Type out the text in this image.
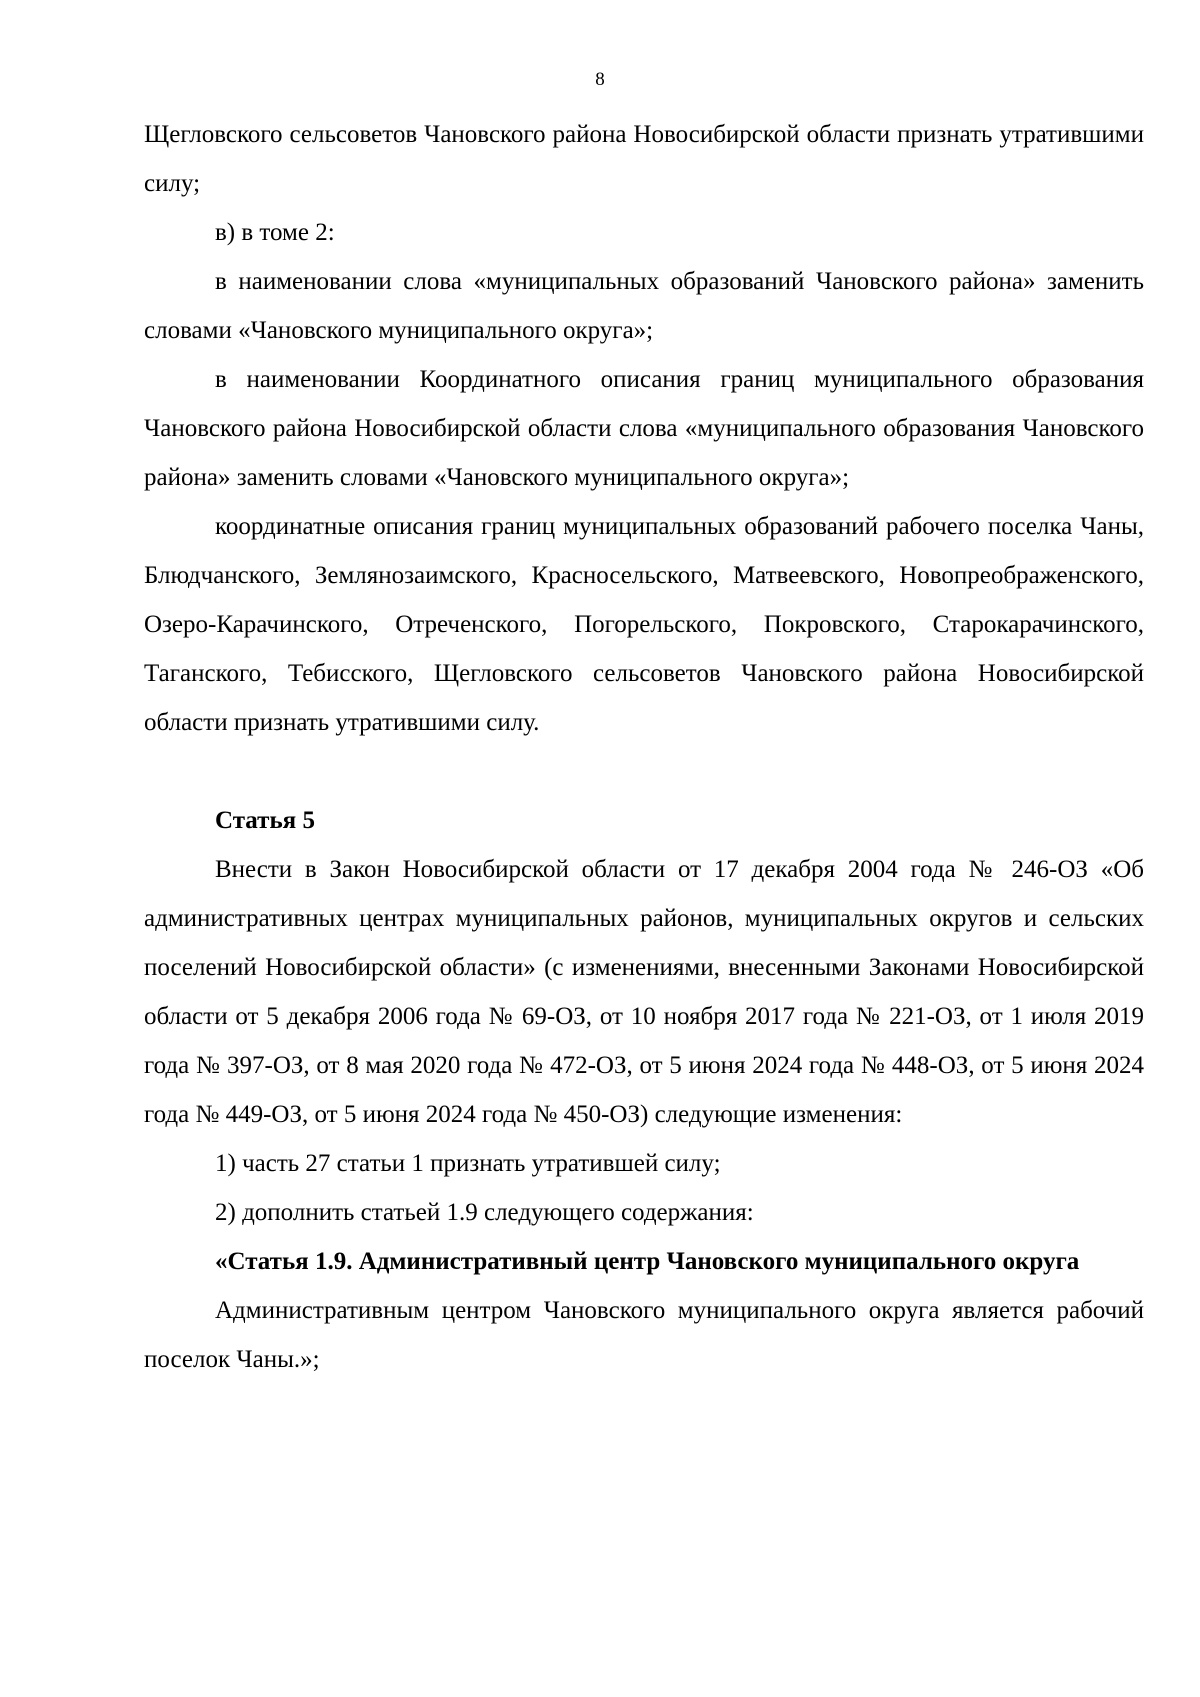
8

Щегловского сельсоветов Чановского района Новосибирской области признать утратившими силу;

в) в томе 2:

в наименовании слова «муниципальных образований Чановского района» заменить словами «Чановского муниципального округа»;

в наименовании Координатного описания границ муниципального образования Чановского района Новосибирской области слова «муниципального образования Чановского района» заменить словами «Чановского муниципального округа»;

координатные описания границ муниципальных образований рабочего поселка Чаны, Блюдчанского, Землянозаимского, Красносельского, Матвеевского, Новопреображенского, Озеро-Карачинского, Отреченского, Погорельского, Покровского, Старокарачинского, Таганского, Тебисского, Щегловского сельсоветов Чановского района Новосибирской области признать утратившими силу.

Статья 5

Внести в Закон Новосибирской области от 17 декабря 2004 года № 246-ОЗ «Об административных центрах муниципальных районов, муниципальных округов и сельских поселений Новосибирской области» (с изменениями, внесенными Законами Новосибирской области от 5 декабря 2006 года № 69-ОЗ, от 10 ноября 2017 года № 221-ОЗ, от 1 июля 2019 года № 397-ОЗ, от 8 мая 2020 года № 472-ОЗ, от 5 июня 2024 года № 448-ОЗ, от 5 июня 2024 года № 449-ОЗ, от 5 июня 2024 года № 450-ОЗ) следующие изменения:

1) часть 27 статьи 1 признать утратившей силу;

2) дополнить статьей 1.9 следующего содержания:

«Статья 1.9. Административный центр Чановского муниципального округа

Административным центром Чановского муниципального округа является рабочий поселок Чаны.»;
